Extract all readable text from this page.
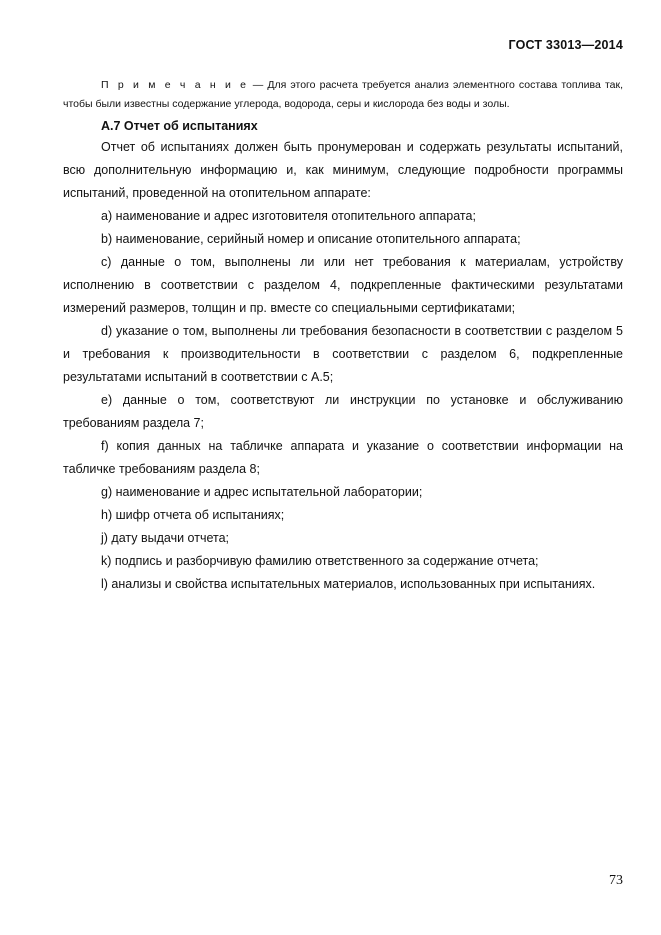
ГОСТ 33013—2014

П р и м е ч а н и е — Для этого расчета требуется анализ элементного состава топлива так, чтобы были известны содержание углерода, водорода, серы и кислорода без воды и золы.

А.7 Отчет об испытаниях

Отчет об испытаниях должен быть пронумерован и содержать результаты испытаний, всю дополнительную информацию и, как минимум, следующие подробности программы испытаний, проведенной на отопительном аппарате:

a) наименование и адрес изготовителя отопительного аппарата;

b) наименование, серийный номер и описание отопительного аппарата;

c) данные о том, выполнены ли или нет требования к материалам, устройству исполнению в соответствии с разделом 4, подкрепленные фактическими результатами измерений размеров, толщин и пр. вместе со специальными сертификатами;

d) указание о том, выполнены ли требования безопасности в соответствии с разделом 5 и требования к производительности в соответствии с разделом 6, подкрепленные результатами испытаний в соответствии с А.5;

e) данные о том, соответствуют ли инструкции по установке и обслуживанию требованиям раздела 7;

f) копия данных на табличке аппарата и указание о соответствии информации на табличке требованиям раздела 8;

g) наименование и адрес испытательной лаборатории;

h) шифр отчета об испытаниях;

j) дату выдачи отчета;

k) подпись и разборчивую фамилию ответственного за содержание отчета;

l) анализы и свойства испытательных материалов, использованных при испытаниях.

73
